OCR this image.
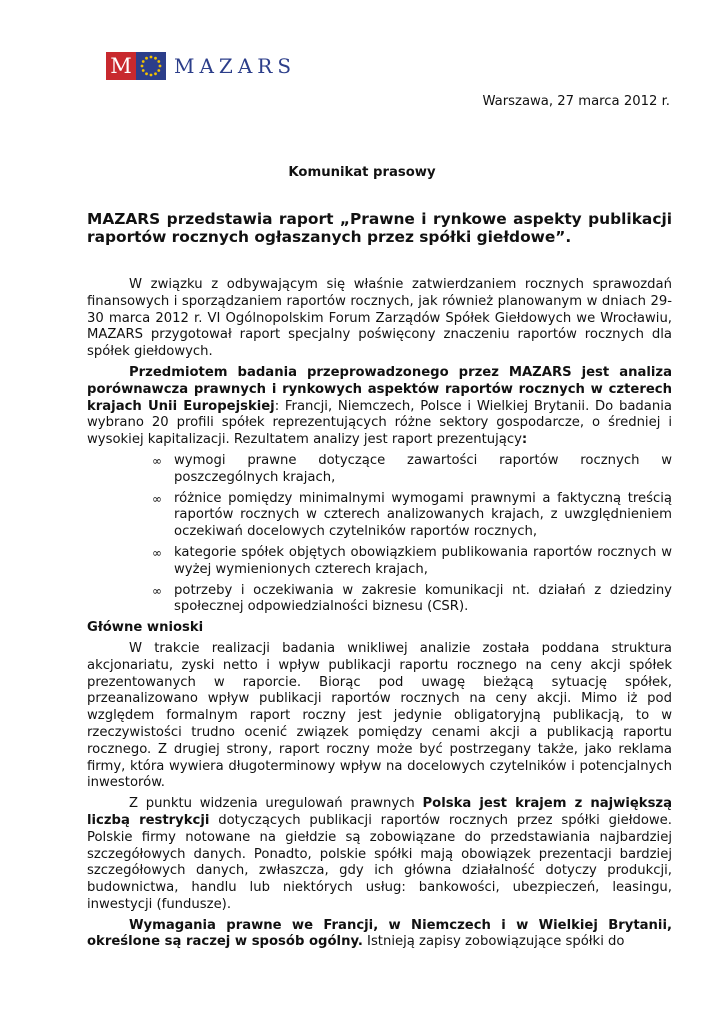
M MAZARS
Warszawa, 27 marca 2012 r.
Komunikat prasowy
MAZARS przedstawia raport „Prawne i rynkowe aspekty publikacji raportów rocznych ogłaszanych przez spółki giełdowe”.

W związku z odbywającym się właśnie zatwierdzaniem rocznych sprawozdań finansowych i sporządzaniem raportów rocznych, jak również planowanym w dniach 29-30 marca 2012 r. VI Ogólnopolskim Forum Zarządów Spółek Giełdowych we Wrocławiu, MAZARS przygotował raport specjalny poświęcony znaczeniu raportów rocznych dla spółek giełdowych.

Przedmiotem badania przeprowadzonego przez MAZARS jest analiza porównawcza prawnych i rynkowych aspektów raportów rocznych w czterech krajach Unii Europejskiej: Francji, Niemczech, Polsce i Wielkiej Brytanii. Do badania wybrano 20 profili spółek reprezentujących różne sektory gospodarcze, o średniej i wysokiej kapitalizacji. Rezultatem analizy jest raport prezentujący:

∞ wymogi prawne dotyczące zawartości raportów rocznych w poszczególnych krajach,
∞ różnice pomiędzy minimalnymi wymogami prawnymi a faktyczną treścią raportów rocznych w czterech analizowanych krajach, z uwzględnieniem oczekiwań docelowych czytelników raportów rocznych,
∞ kategorie spółek objętych obowiązkiem publikowania raportów rocznych w wyżej wymienionych czterech krajach,
∞ potrzeby i oczekiwania w zakresie komunikacji nt. działań z dziedziny społecznej odpowiedzialności biznesu (CSR).

Główne wnioski

W trakcie realizacji badania wnikliwej analizie została poddana struktura akcjonariatu, zyski netto i wpływ publikacji raportu rocznego na ceny akcji spółek prezentowanych w raporcie. Biorąc pod uwagę bieżącą sytuację spółek, przeanalizowano wpływ publikacji raportów rocznych na ceny akcji. Mimo iż pod względem formalnym raport roczny jest jedynie obligatoryjną publikacją, to w rzeczywistości trudno ocenić związek pomiędzy cenami akcji a publikacją raportu rocznego. Z drugiej strony, raport roczny może być postrzegany także, jako reklama firmy, która wywiera długoterminowy wpływ na docelowych czytelników i potencjalnych inwestorów.

Z punktu widzenia uregulowań prawnych Polska jest krajem z największą liczbą restrykcji dotyczących publikacji raportów rocznych przez spółki giełdowe. Polskie firmy notowane na giełdzie są zobowiązane do przedstawiania najbardziej szczegółowych danych. Ponadto, polskie spółki mają obowiązek prezentacji bardziej szczegółowych danych, zwłaszcza, gdy ich główna działalność dotyczy produkcji, budownictwa, handlu lub niektórych usług: bankowości, ubezpieczeń, leasingu, inwestycji (fundusze).

Wymagania prawne we Francji, w Niemczech i w Wielkiej Brytanii, określone są raczej w sposób ogólny. Istnieją zapisy zobowiązujące spółki do
